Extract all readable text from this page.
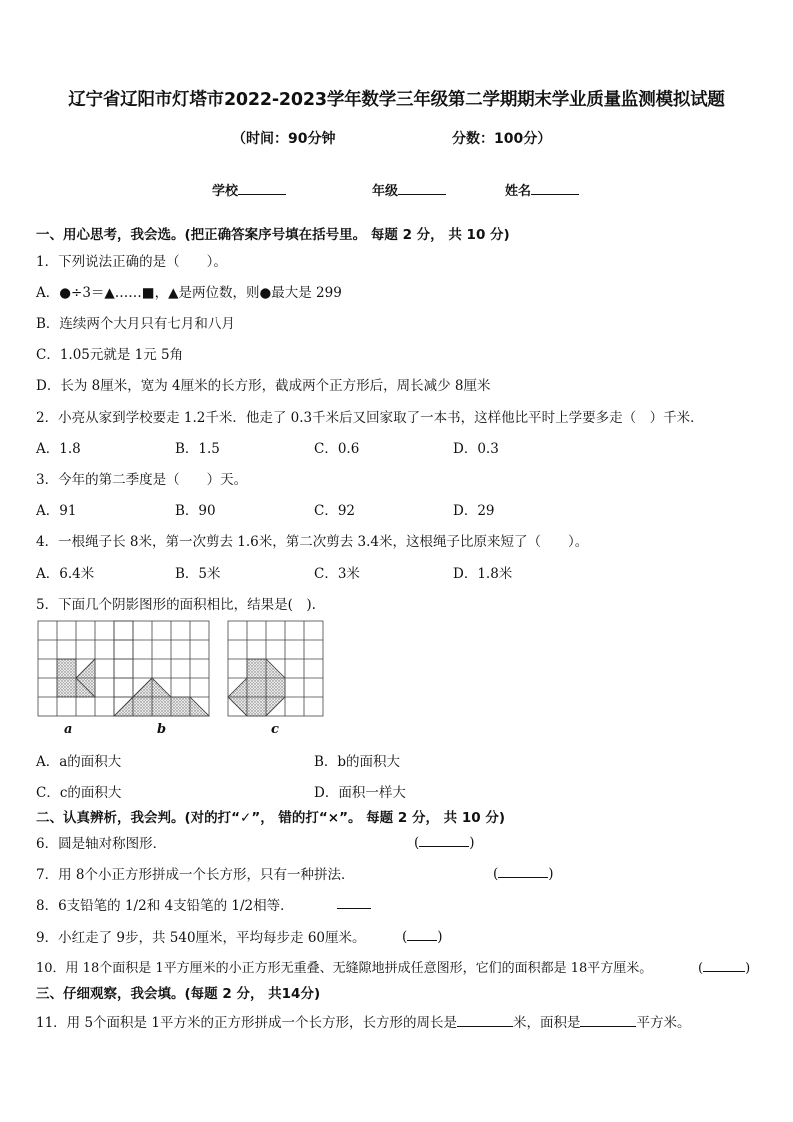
辽宁省辽阳市灯塔市2022-2023学年数学三年级第二学期期末学业质量监测模拟试题
（时间：90分钟	分数：100分）
学校	年级	姓名
一、用心思考，我会选。(把正确答案序号填在括号里。 每题 2 分， 共 10 分)
1．下列说法正确的是（　　）。
A．●÷3＝▲……■，▲是两位数，则●最大是 299
B．连续两个大月只有七月和八月
C．1.05元就是 1元 5角
D．长为 8厘米，宽为 4厘米的长方形，截成两个正方形后，周长减少 8厘米
2．小亮从家到学校要走 1.2千米．他走了 0.3千米后又回家取了一本书，这样他比平时上学要多走（　）千米．
A．1.8	B．1.5	C．0.6	D．0.3
3．今年的第二季度是（　　）天。
A．91	B．90	C．92	D．29
4．一根绳子长 8米，第一次剪去 1.6米，第二次剪去 3.4米，这根绳子比原来短了（　　）。
A．6.4米	B．5米	C．3米	D．1.8米
5．下面几个阴影图形的面积相比，结果是(　).
a	b	c
A．a的面积大	B．b的面积大
C．c的面积大	D．面积一样大
二、认真辨析，我会判。(对的打“✓”， 错的打“×”。 每题 2 分， 共 10 分)
6．圆是轴对称图形．	(	)
7．用 8个小正方形拼成一个长方形，只有一种拼法．	(	)
8．6支铅笔的 1/2和 4支铅笔的 1/2相等．
9．小红走了 9步，共 540厘米，平均每步走 60厘米。	( )
10．用 18个面积是 1平方厘米的小正方形无重叠、无缝隙地拼成任意图形，它们的面积都是 18平方厘米。	(	)
三、仔细观察，我会填。(每题 2 分， 共14分)
11．用 5个面积是 1平方米的正方形拼成一个长方形，长方形的周长是	米，面积是	平方米。
